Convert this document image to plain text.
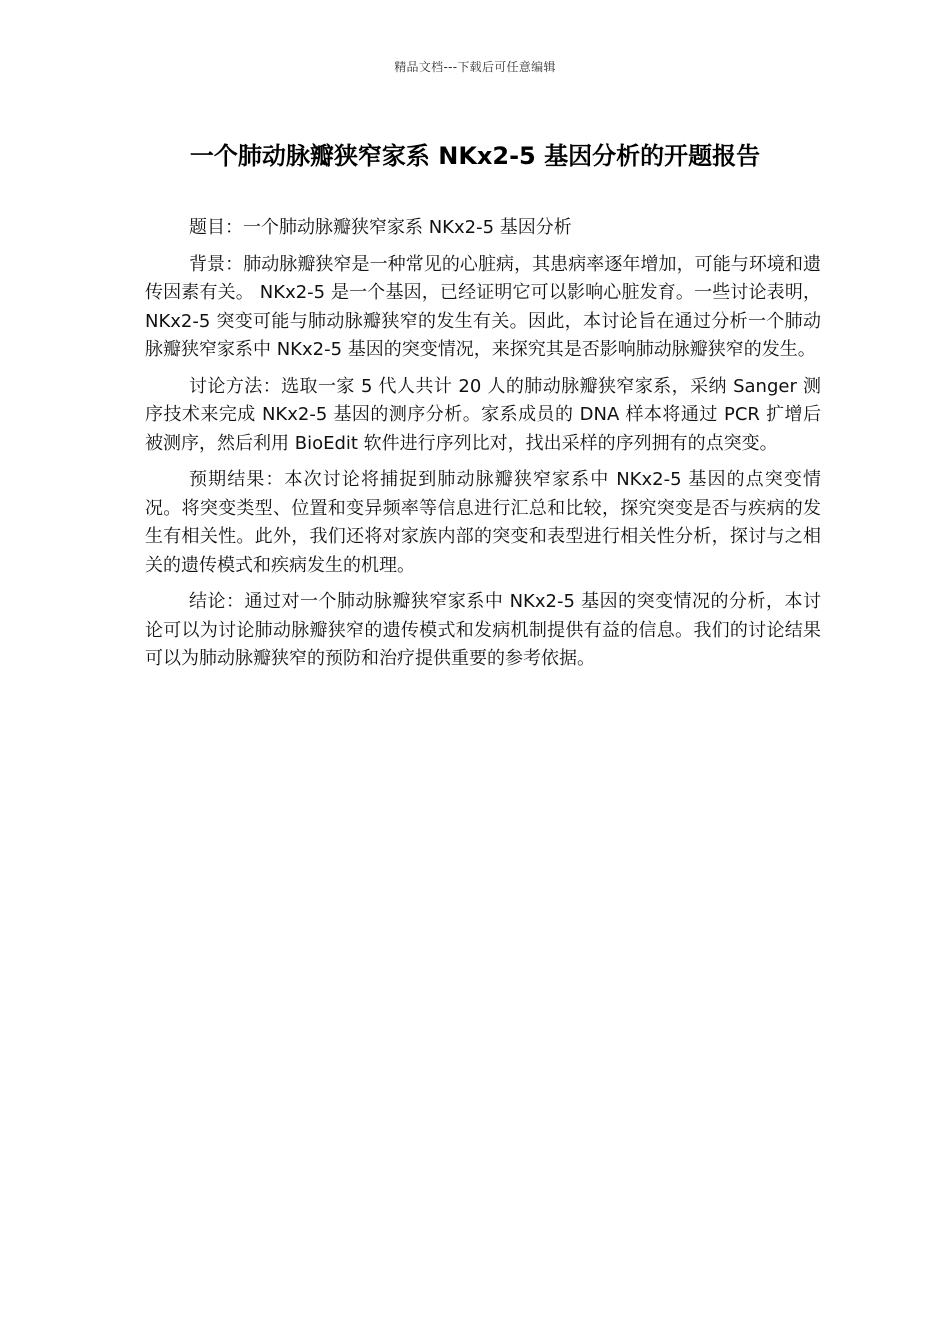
精品文档---下载后可任意编辑
一个肺动脉瓣狭窄家系 NKx2-5 基因分析的开题报告

题目：一个肺动脉瓣狭窄家系 NKx2-5 基因分析

背景：肺动脉瓣狭窄是一种常见的心脏病，其患病率逐年增加，可能与环境和遗传因素有关。 NKx2-5 是一个基因，已经证明它可以影响心脏发育。一些讨论表明，NKx2-5 突变可能与肺动脉瓣狭窄的发生有关。因此，本讨论旨在通过分析一个肺动脉瓣狭窄家系中 NKx2-5 基因的突变情况，来探究其是否影响肺动脉瓣狭窄的发生。

讨论方法：选取一家 5 代人共计 20 人的肺动脉瓣狭窄家系，采纳 Sanger 测序技术来完成 NKx2-5 基因的测序分析。家系成员的 DNA 样本将通过 PCR 扩增后被测序，然后利用 BioEdit 软件进行序列比对，找出采样的序列拥有的点突变。

预期结果：本次讨论将捕捉到肺动脉瓣狭窄家系中 NKx2-5 基因的点突变情况。将突变类型、位置和变异频率等信息进行汇总和比较，探究突变是否与疾病的发生有相关性。此外，我们还将对家族内部的突变和表型进行相关性分析，探讨与之相关的遗传模式和疾病发生的机理。

结论：通过对一个肺动脉瓣狭窄家系中 NKx2-5 基因的突变情况的分析，本讨论可以为讨论肺动脉瓣狭窄的遗传模式和发病机制提供有益的信息。我们的讨论结果可以为肺动脉瓣狭窄的预防和治疗提供重要的参考依据。
